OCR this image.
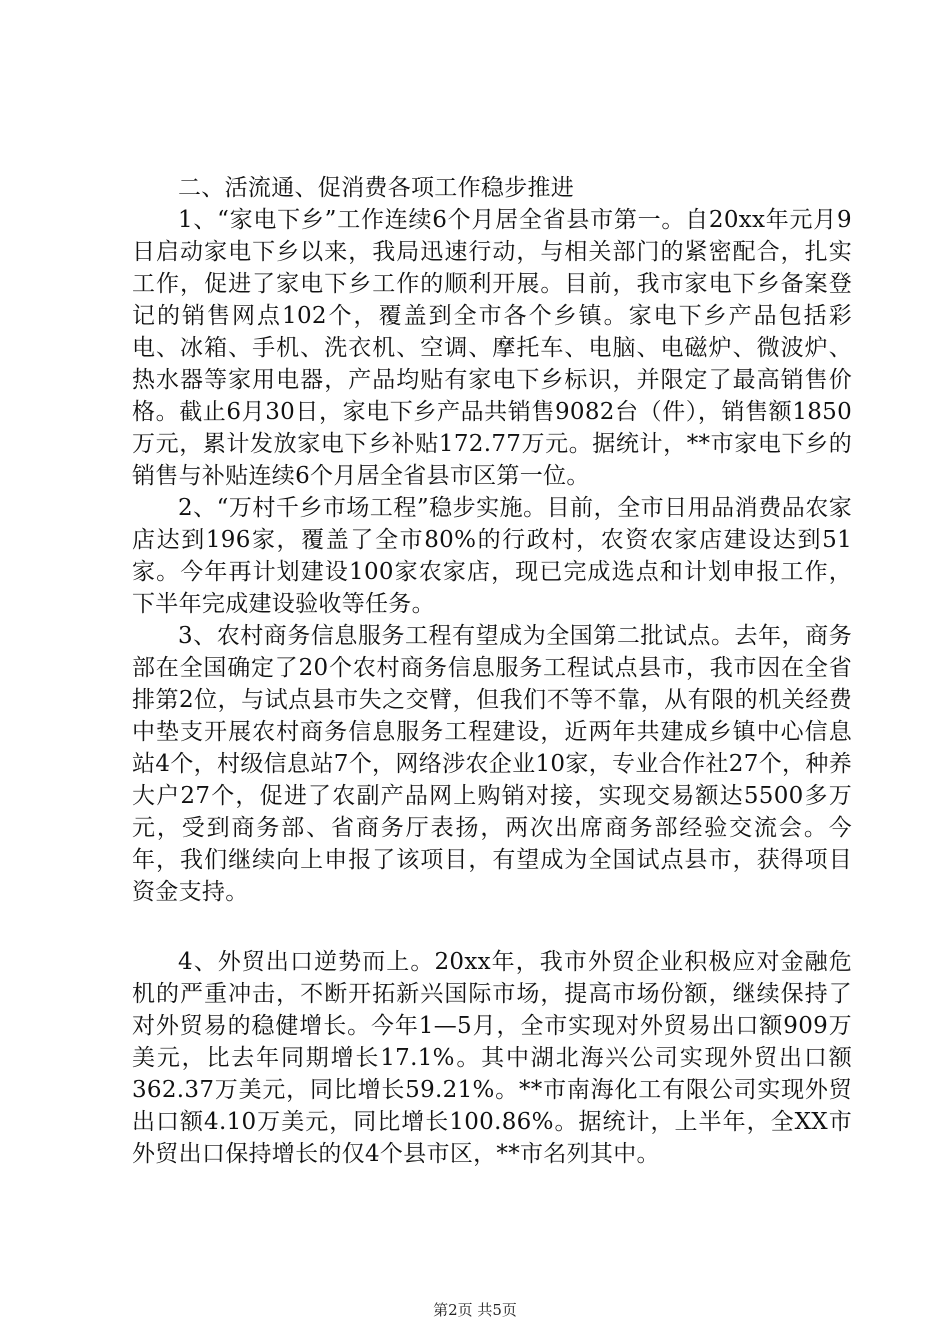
二、活流通、促消费各项工作稳步推进

1、“家电下乡”工作连续6个月居全省县市第一。自20xx年元月9日启动家电下乡以来，我局迅速行动，与相关部门的紧密配合，扎实工作，促进了家电下乡工作的顺利开展。目前，我市家电下乡备案登记的销售网点102个，覆盖到全市各个乡镇。家电下乡产品包括彩电、冰箱、手机、洗衣机、空调、摩托车、电脑、电磁炉、微波炉、热水器等家用电器，产品均贴有家电下乡标识，并限定了最高销售价格。截止6月30日，家电下乡产品共销售9082台（件），销售额1850万元，累计发放家电下乡补贴172.77万元。据统计，**市家电下乡的销售与补贴连续6个月居全省县市区第一位。

2、“万村千乡市场工程”稳步实施。目前，全市日用品消费品农家店达到196家，覆盖了全市80%的行政村，农资农家店建设达到51家。今年再计划建设100家农家店，现已完成选点和计划申报工作，下半年完成建设验收等任务。

3、农村商务信息服务工程有望成为全国第二批试点。去年，商务部在全国确定了20个农村商务信息服务工程试点县市，我市因在全省排第2位，与试点县市失之交臂，但我们不等不靠，从有限的机关经费中垫支开展农村商务信息服务工程建设，近两年共建成乡镇中心信息站4个，村级信息站7个，网络涉农企业10家，专业合作社27个，种养大户27个，促进了农副产品网上购销对接，实现交易额达5500多万元，受到商务部、省商务厅表扬，两次出席商务部经验交流会。今年，我们继续向上申报了该项目，有望成为全国试点县市，获得项目资金支持。

4、外贸出口逆势而上。20xx年，我市外贸企业积极应对金融危机的严重冲击，不断开拓新兴国际市场，提高市场份额，继续保持了对外贸易的稳健增长。今年1—5月，全市实现对外贸易出口额909万美元，比去年同期增长17.1%。其中湖北海兴公司实现外贸出口额362.37万美元，同比增长59.21%。**市南海化工有限公司实现外贸出口额4.10万美元，同比增长100.86%。据统计，上半年，全XX市外贸出口保持增长的仅4个县市区，**市名列其中。

第2页 共5页
